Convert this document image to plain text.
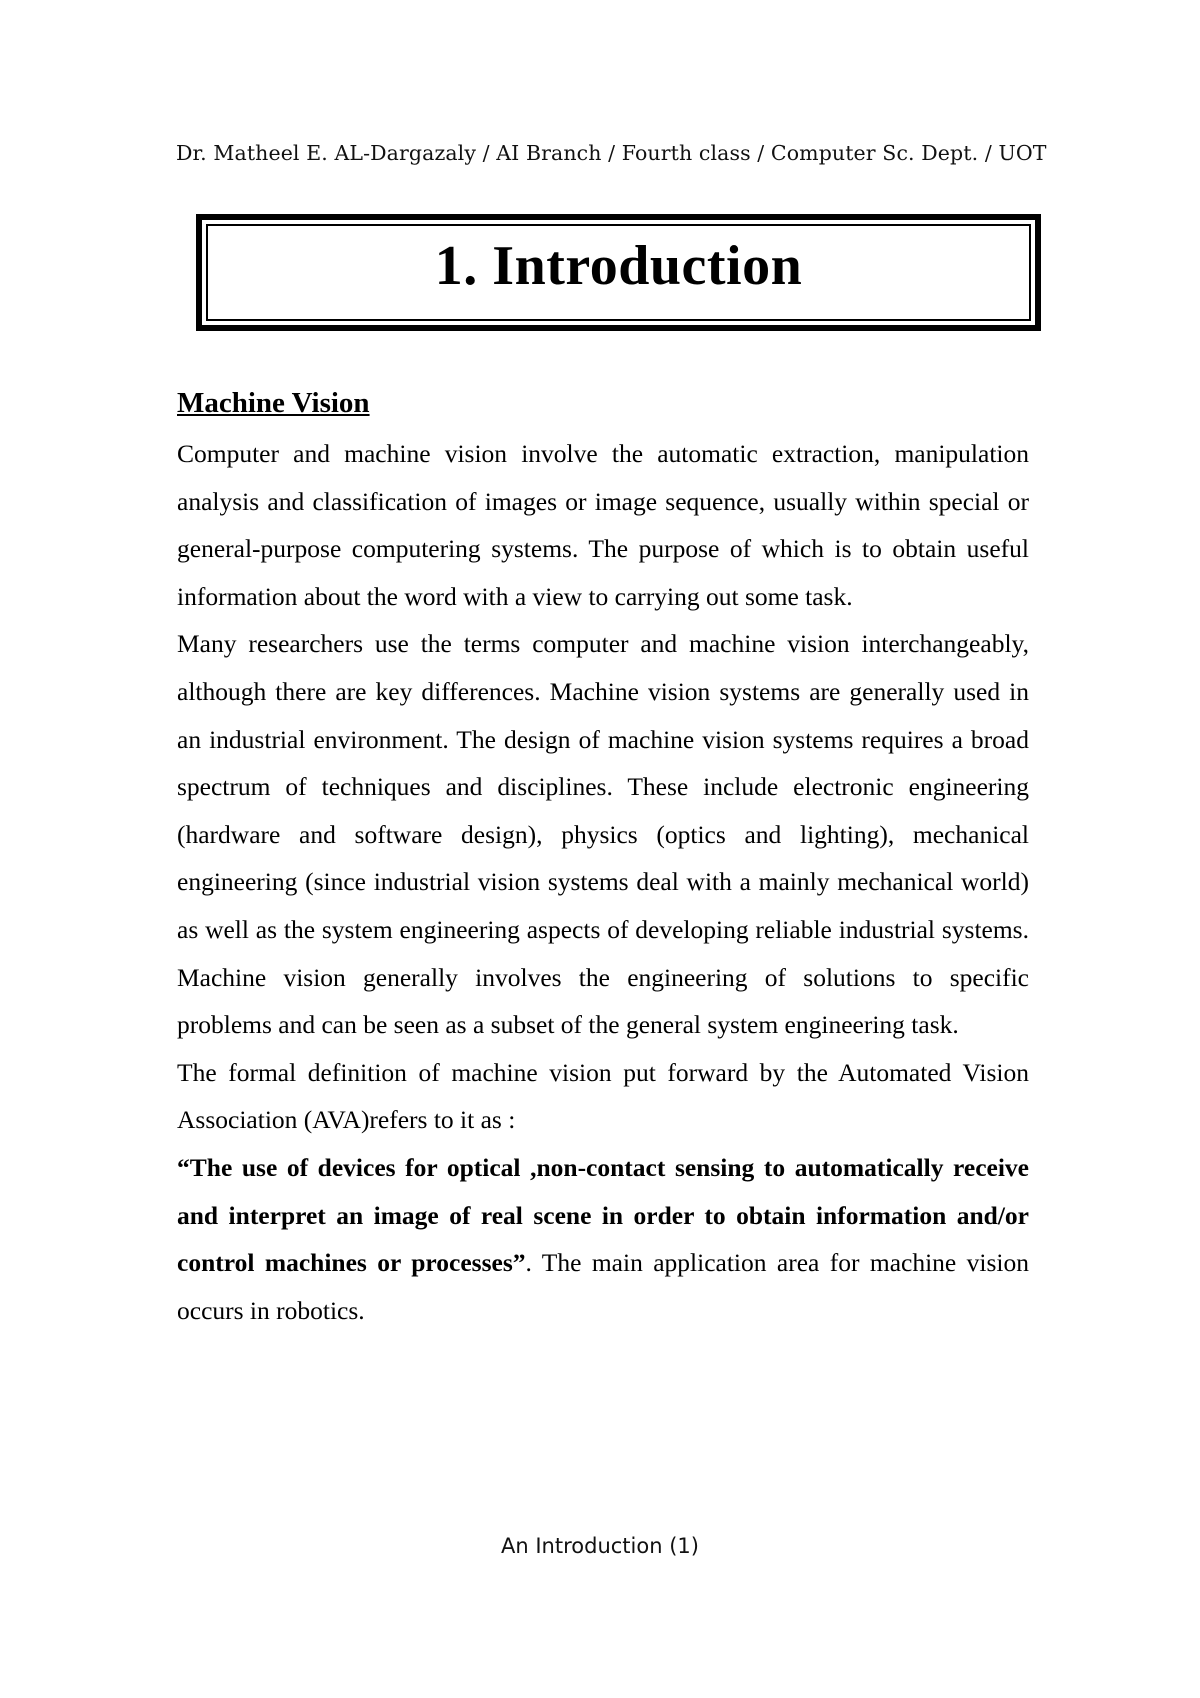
Dr. Matheel E. AL-Dargazaly / AI Branch / Fourth class / Computer Sc. Dept. / UOT
1. Introduction
Machine Vision

Computer and machine vision involve the automatic extraction, manipulation analysis and classification of images or image sequence, usually within special or general-purpose computering systems. The purpose of which is to obtain useful information about the word with a view to carrying out some task.

Many researchers use the terms computer and machine vision interchangeably, although there are key differences. Machine vision systems are generally used in an industrial environment. The design of machine vision systems requires a broad spectrum of techniques and disciplines. These include electronic engineering (hardware and software design), physics (optics and lighting), mechanical engineering (since industrial vision systems deal with a mainly mechanical world) as well as the system engineering aspects of developing reliable industrial systems. Machine vision generally involves the engineering of solutions to specific problems and can be seen as a subset of the general system engineering task.

The formal definition of machine vision put forward by the Automated Vision Association (AVA)refers to it as :

“The use of devices for optical ,non-contact sensing to automatically receive and interpret an image of real scene in order to obtain information and/or control machines or processes”. The main application area for machine vision occurs in robotics.

An Introduction (1)
